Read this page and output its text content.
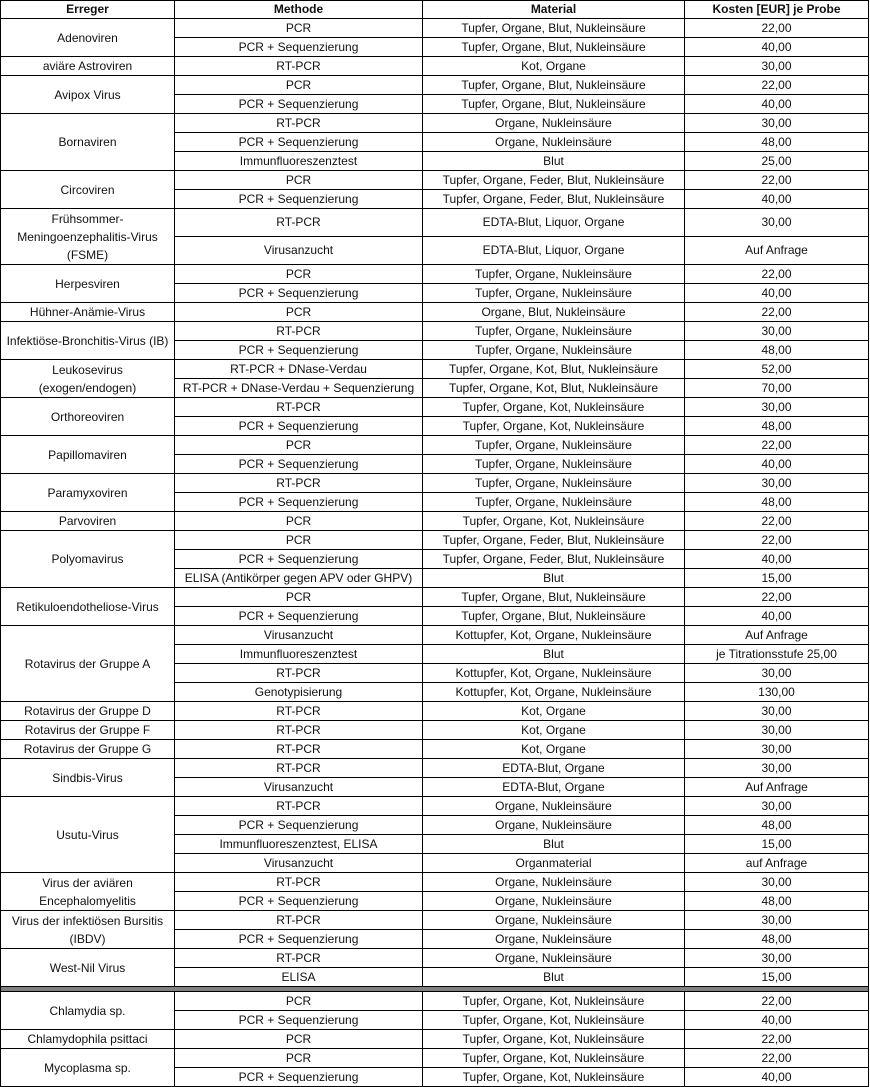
Erreger	Methode	Material	Kosten [EUR] je Probe
Adenoviren	PCR	Tupfer, Organe, Blut, Nukleinsäure	22,00
	PCR + Sequenzierung	Tupfer, Organe, Blut, Nukleinsäure	40,00
aviäre Astroviren	RT-PCR	Kot, Organe	30,00
Avipox Virus	PCR	Tupfer, Organe, Blut, Nukleinsäure	22,00
	PCR + Sequenzierung	Tupfer, Organe, Blut, Nukleinsäure	40,00
Bornaviren	RT-PCR	Organe, Nukleinsäure	30,00
	PCR + Sequenzierung	Organe, Nukleinsäure	48,00
	Immunfluoreszenztest	Blut	25,00
Circoviren	PCR	Tupfer, Organe, Feder, Blut, Nukleinsäure	22,00
	PCR + Sequenzierung	Tupfer, Organe, Feder, Blut, Nukleinsäure	40,00
Frühsommer-Meningoenzephalitis-Virus (FSME)	RT-PCR	EDTA-Blut, Liquor, Organe	30,00
	Virusanzucht	EDTA-Blut, Liquor, Organe	Auf Anfrage
Herpesviren	PCR	Tupfer, Organe, Nukleinsäure	22,00
	PCR + Sequenzierung	Tupfer, Organe, Nukleinsäure	40,00
Hühner-Anämie-Virus	PCR	Organe, Blut, Nukleinsäure	22,00
Infektiöse-Bronchitis-Virus (IB)	RT-PCR	Tupfer, Organe, Nukleinsäure	30,00
	PCR + Sequenzierung	Tupfer, Organe, Nukleinsäure	48,00
Leukosevirus (exogen/endogen)	RT-PCR + DNase-Verdau	Tupfer, Organe, Kot, Blut, Nukleinsäure	52,00
	RT-PCR + DNase-Verdau + Sequenzierung	Tupfer, Organe, Kot, Blut, Nukleinsäure	70,00
Orthoreoviren	RT-PCR	Tupfer, Organe, Kot, Nukleinsäure	30,00
	PCR + Sequenzierung	Tupfer, Organe, Kot, Nukleinsäure	48,00
Papillomaviren	PCR	Tupfer, Organe, Nukleinsäure	22,00
	PCR + Sequenzierung	Tupfer, Organe, Nukleinsäure	40,00
Paramyxoviren	RT-PCR	Tupfer, Organe, Nukleinsäure	30,00
	PCR + Sequenzierung	Tupfer, Organe, Nukleinsäure	48,00
Parvoviren	PCR	Tupfer, Organe, Kot, Nukleinsäure	22,00
Polyomavirus	PCR	Tupfer, Organe, Feder, Blut, Nukleinsäure	22,00
	PCR + Sequenzierung	Tupfer, Organe, Feder, Blut, Nukleinsäure	40,00
	ELISA (Antikörper gegen APV oder GHPV)	Blut	15,00
Retikuloendotheliose-Virus	PCR	Tupfer, Organe, Blut, Nukleinsäure	22,00
	PCR + Sequenzierung	Tupfer, Organe, Blut, Nukleinsäure	40,00
Rotavirus der Gruppe A	Virusanzucht	Kottupfer, Kot, Organe, Nukleinsäure	Auf Anfrage
	Immunfluoreszenztest	Blut	je Titrationsstufe 25,00
	RT-PCR	Kottupfer, Kot, Organe, Nukleinsäure	30,00
	Genotypisierung	Kottupfer, Kot, Organe, Nukleinsäure	130,00
Rotavirus der Gruppe D	RT-PCR	Kot, Organe	30,00
Rotavirus der Gruppe F	RT-PCR	Kot, Organe	30,00
Rotavirus der Gruppe G	RT-PCR	Kot, Organe	30,00
Sindbis-Virus	RT-PCR	EDTA-Blut, Organe	30,00
	Virusanzucht	EDTA-Blut, Organe	Auf Anfrage
Usutu-Virus	RT-PCR	Organe, Nukleinsäure	30,00
	PCR + Sequenzierung	Organe, Nukleinsäure	48,00
	Immunfluoreszenztest, ELISA	Blut	15,00
	Virusanzucht	Organmaterial	auf Anfrage
Virus der aviären Encephalomyelitis	RT-PCR	Organe, Nukleinsäure	30,00
	PCR + Sequenzierung	Organe, Nukleinsäure	48,00
Virus der infektiösen Bursitis (IBDV)	RT-PCR	Organe, Nukleinsäure	30,00
	PCR + Sequenzierung	Organe, Nukleinsäure	48,00
West-Nil Virus	RT-PCR	Organe, Nukleinsäure	30,00
	ELISA	Blut	15,00

Chlamydia sp.	PCR	Tupfer, Organe, Kot, Nukleinsäure	22,00
	PCR + Sequenzierung	Tupfer, Organe, Kot, Nukleinsäure	40,00
Chlamydophila psittaci	PCR	Tupfer, Organe, Kot, Nukleinsäure	22,00
Mycoplasma sp.	PCR	Tupfer, Organe, Kot, Nukleinsäure	22,00
	PCR + Sequenzierung	Tupfer, Organe, Kot, Nukleinsäure	40,00
